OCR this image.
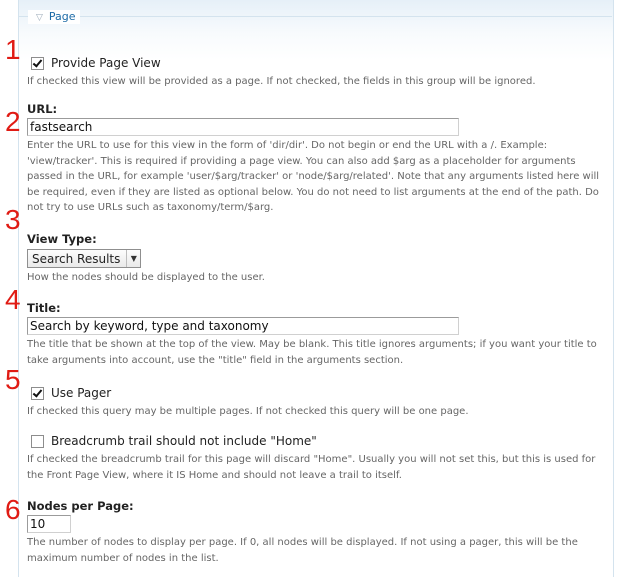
▽ Page
1
2
3
4
5
6
Provide Page View
If checked this view will be provided as a page. If not checked, the fields in this group will be ignored.
URL:
fastsearch
Enter the URL to use for this view in the form of 'dir/dir'. Do not begin or end the URL with a /. Example: 'view/tracker'. This is required if providing a page view. You can also add $arg as a placeholder for arguments passed in the URL, for example 'user/$arg/tracker' or 'node/$arg/related'. Note that any arguments listed here will be required, even if they are listed as optional below. You do not need to list arguments at the end of the path. Do not try to use URLs such as taxonomy/term/$arg.
View Type:
Search Results	▼
How the nodes should be displayed to the user.
Title:
Search by keyword, type and taxonomy
The title that be shown at the top of the view. May be blank. This title ignores arguments; if you want your title to take arguments into account, use the "title" field in the arguments section.
Use Pager
If checked this query may be multiple pages. If not checked this query will be one page.
Breadcrumb trail should not include "Home"
If checked the breadcrumb trail for this page will discard "Home". Usually you will not set this, but this is used for the Front Page View, where it IS Home and should not leave a trail to itself.
Nodes per Page:
10
The number of nodes to display per page. If 0, all nodes will be displayed. If not using a pager, this will be the maximum number of nodes in the list.
